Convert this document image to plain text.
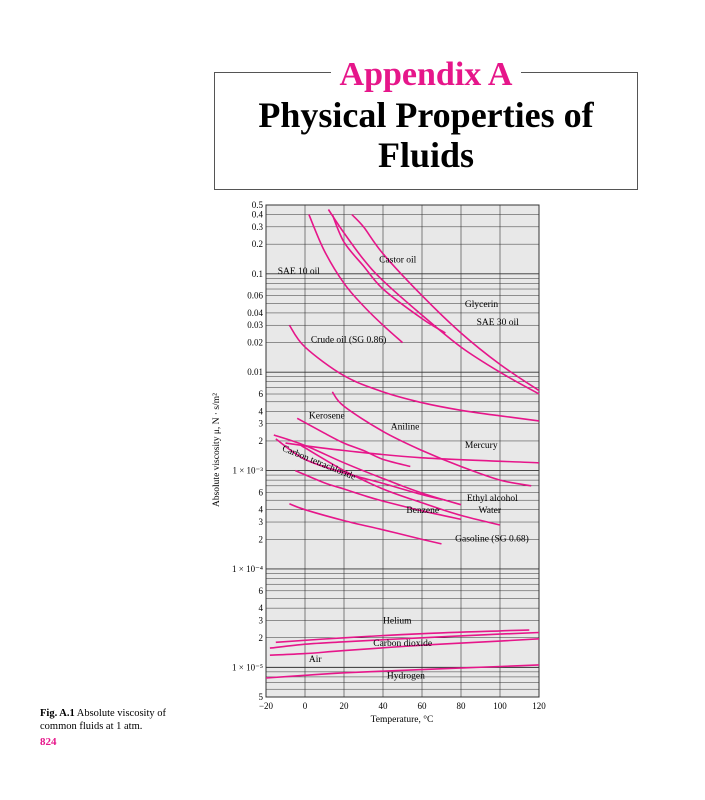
Appendix A
Physical Properties of
Fluids
0.5
0.4
0.3
0.2
0.1
0.06
0.04
0.03
0.02
0.01
6
4
3
2
1 × 10⁻³
6
4
3
2
1 × 10⁻⁴
6
4
3
2
1 × 10⁻⁵
5
−20	0	20	40	60	80	100	120
Castor oil
SAE 10 oil
Glycerin
SAE 30 oil
Crude oil (SG 0.86)
Kerosene
Aniline
Mercury
Carbon tetrachloride
Ethyl alcohol
Water
Benzene
Gasoline (SG 0.68)
Helium
Carbon dioxide
Air
Hydrogen
Temperature, °C
Absolute viscosity μ, N · s/m²
Fig. A.1 Absolute viscosity of common fluids at 1 atm.
824
